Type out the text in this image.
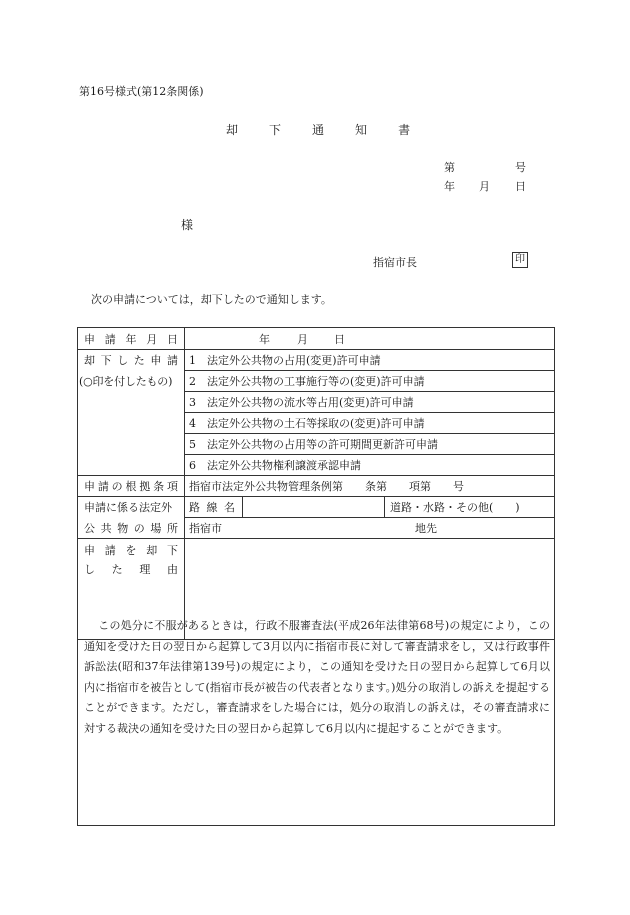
第16号様式(第12条関係)
却	下	通	知	書
第	号
年 月 日
様
指宿市長	印
次の申請については，却下したので通知します。
申 請 年 月 日	年 月 日
却 下 し た 申 請
(○印を付したもの)
1　法定外公共物の占用(変更)許可申請
2　法定外公共物の工事施行等の(変更)許可申請
3　法定外公共物の流水等占用(変更)許可申請
4　法定外公共物の土石等採取の(変更)許可申請
5　法定外公共物の占用等の許可期間更新許可申請
6　法定外公共物権利譲渡承認申請
申 請 の 根 拠 条 項 指宿市法定外公共物管理条例第　　条第　　項第　　号
申請に係る法定外
公 共 物 の 場 所
路 線 名	道路・水路・その他(　　)
指宿市	地先
申 請 を 却 下
し た 理 由
この処分に不服があるときは，行政不服審査法(平成26年法律第68号)の規定により，この通知を受けた日の翌日から起算して3月以内に指宿市長に対して審査請求をし，又は行政事件訴訟法(昭和37年法律第139号)の規定により，この通知を受けた日の翌日から起算して6月以内に指宿市を被告として(指宿市長が被告の代表者となります。)処分の取消しの訴えを提起することができます。ただし，審査請求をした場合には，処分の取消しの訴えは，その審査請求に対する裁決の通知を受けた日の翌日から起算して6月以内に提起することができます。
